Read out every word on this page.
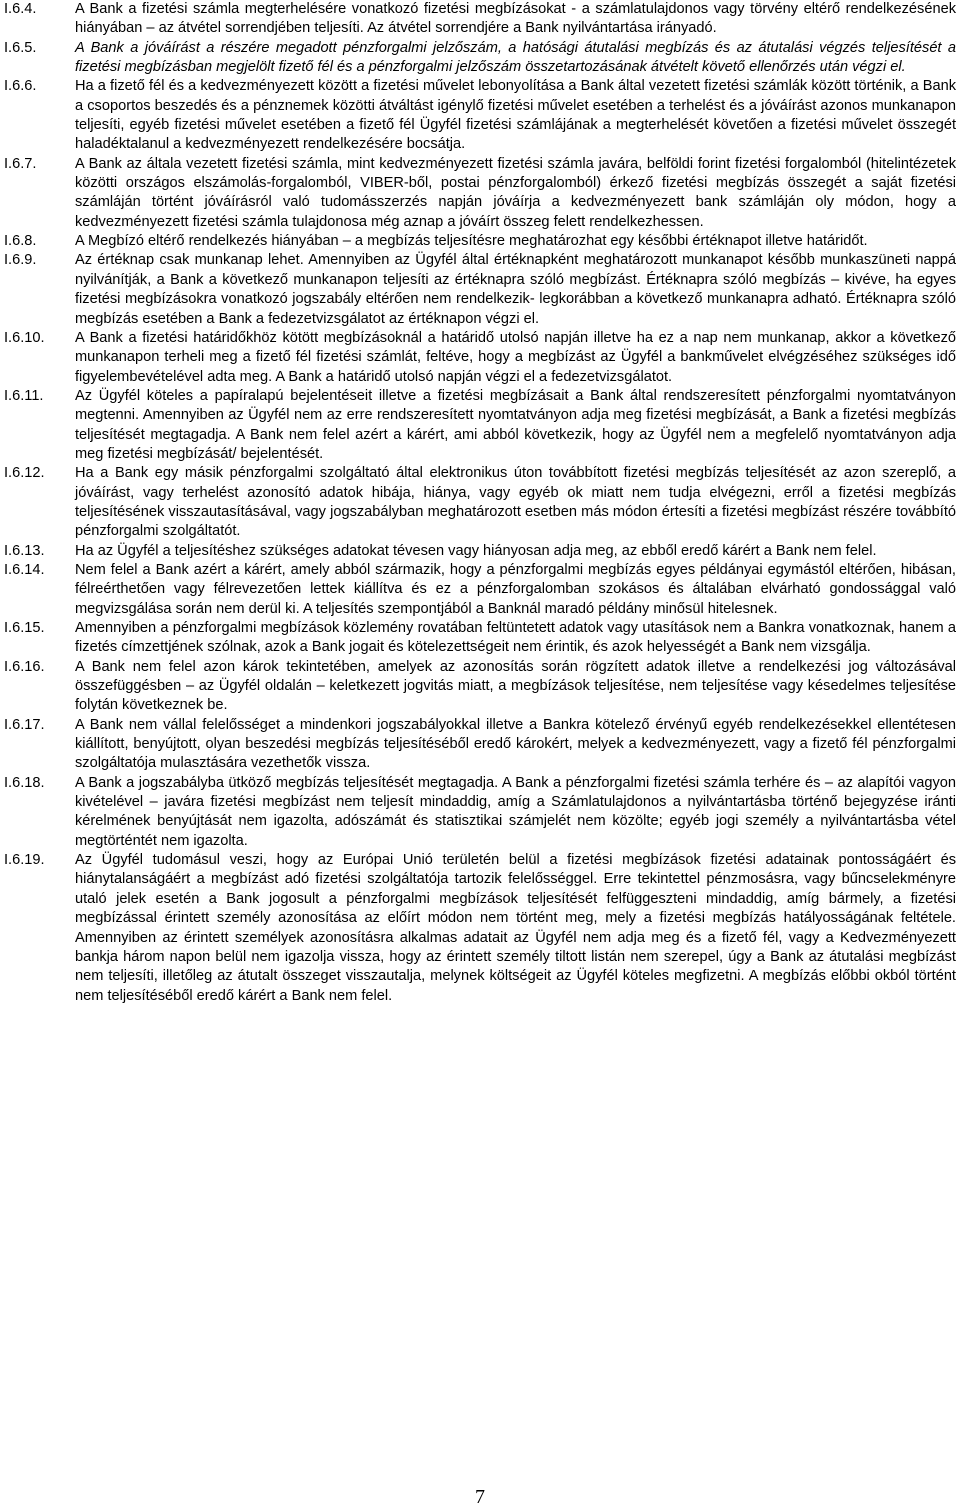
I.6.4.	A Bank a fizetési számla megterhelésére vonatkozó fizetési megbízásokat - a számlatulajdonos vagy törvény eltérő rendelkezésének hiányában – az átvétel sorrendjében teljesíti. Az átvétel sorrendjére a Bank nyilvántartása irányadó.
I.6.5.	A Bank a jóváírást a részére megadott pénzforgalmi jelzőszám, a hatósági átutalási megbízás és az átutalási végzés teljesítését a fizetési megbízásban megjelölt fizető fél és a pénzforgalmi jelzőszám összetartozásának átvételt követő ellenőrzés után végzi el.
I.6.6.	Ha a fizető fél és a kedvezményezett között a fizetési művelet lebonyolítása a Bank által vezetett fizetési számlák között történik, a Bank a csoportos beszedés és a pénznemek közötti átváltást igénylő fizetési művelet esetében a terhelést és a jóváírást azonos munkanapon teljesíti, egyéb fizetési művelet esetében a fizető fél Ügyfél fizetési számlájának a megterhelését követően a fizetési művelet összegét haladéktalanul a kedvezményezett rendelkezésére bocsátja.
I.6.7.	A Bank az általa vezetett fizetési számla, mint kedvezményezett fizetési számla javára, belföldi forint fizetési forgalomból (hitelintézetek közötti országos elszámolás-forgalomból, VIBER-ből, postai pénzforgalomból) érkező fizetési megbízás összegét a saját fizetési számláján történt jóváírásról való tudomásszerzés napján jóváírja a kedvezményezett bank számláján oly módon, hogy a kedvezményezett fizetési számla tulajdonosa még aznap a jóváírt összeg felett rendelkezhessen.
I.6.8.	A Megbízó eltérő rendelkezés hiányában – a megbízás teljesítésre meghatározhat egy későbbi értéknapot illetve határidőt.
I.6.9.	Az értéknap csak munkanap lehet. Amennyiben az Ügyfél által értéknapként meghatározott munkanapot később munkaszüneti nappá nyilvánítják, a Bank a következő munkanapon teljesíti az értéknapra szóló megbízást. Értéknapra szóló megbízás – kivéve, ha egyes fizetési megbízásokra vonatkozó jogszabály eltérően nem rendelkezik- legkorábban a következő munkanapra adható. Értéknapra szóló megbízás esetében a Bank a fedezetvizsgálatot az értéknapon végzi el.
I.6.10.	A Bank a fizetési határidőkhöz kötött megbízásoknál a határidő utolsó napján illetve ha ez a nap nem munkanap, akkor a következő munkanapon terheli meg a fizető fél fizetési számlát, feltéve, hogy a megbízást az Ügyfél a bankművelet elvégzéséhez szükséges idő figyelembevételével adta meg. A Bank a határidő utolsó napján végzi el a fedezetvizsgálatot.
I.6.11.	Az Ügyfél köteles a papíralapú bejelentéseit illetve a fizetési megbízásait a Bank által rendszeresített pénzforgalmi nyomtatványon megtenni. Amennyiben az Ügyfél nem az erre rendszeresített nyomtatványon adja meg fizetési megbízását, a Bank a fizetési megbízás teljesítését megtagadja. A Bank nem felel azért a kárért, ami abból következik, hogy az Ügyfél nem a megfelelő nyomtatványon adja meg fizetési megbízását/ bejelentését.
I.6.12.	Ha a Bank egy másik pénzforgalmi szolgáltató által elektronikus úton továbbított fizetési megbízás teljesítését az azon szereplő, a jóváírást, vagy terhelést azonosító adatok hibája, hiánya, vagy egyéb ok miatt nem tudja elvégezni, erről a fizetési megbízás teljesítésének visszautasításával, vagy jogszabályban meghatározott esetben más módon értesíti a fizetési megbízást részére továbbító pénzforgalmi szolgáltatót.
I.6.13.	Ha az Ügyfél a teljesítéshez szükséges adatokat tévesen vagy hiányosan adja meg, az ebből eredő kárért a Bank nem felel.
I.6.14.	Nem felel a Bank azért a kárért, amely abból származik, hogy a pénzforgalmi megbízás egyes példányai egymástól eltérően, hibásan, félreérthetően vagy félrevezetően lettek kiállítva és ez a pénzforgalomban szokásos és általában elvárható gondossággal való megvizsgálása során nem derül ki. A teljesítés szempontjából a Banknál maradó példány minősül hitelesnek.
I.6.15.	Amennyiben a pénzforgalmi megbízások közlemény rovatában feltüntetett adatok vagy utasítások nem a Bankra vonatkoznak, hanem a fizetés címzettjének szólnak, azok a Bank jogait és kötelezettségeit nem érintik, és azok helyességét a Bank nem vizsgálja.
I.6.16.	A Bank nem felel azon károk tekintetében, amelyek az azonosítás során rögzített adatok illetve a rendelkezési jog változásával összefüggésben – az Ügyfél oldalán – keletkezett jogvitás miatt, a megbízások teljesítése, nem teljesítése vagy késedelmes teljesítése folytán következnek be.
I.6.17.	A Bank nem vállal felelősséget a mindenkori jogszabályokkal illetve a Bankra kötelező érvényű egyéb rendelkezésekkel ellentétesen kiállított, benyújtott, olyan beszedési megbízás teljesítéséből eredő károkért, melyek a kedvezményezett, vagy a fizető fél pénzforgalmi szolgáltatója mulasztására vezethetők vissza.
I.6.18.	A Bank a jogszabályba ütköző megbízás teljesítését megtagadja. A Bank a pénzforgalmi fizetési számla terhére és – az alapítói vagyon kivételével – javára fizetési megbízást nem teljesít mindaddig, amíg a Számlatulajdonos a nyilvántartásba történő bejegyzése iránti kérelmének benyújtását nem igazolta, adószámát és statisztikai számjelét nem közölte; egyéb jogi személy a nyilvántartásba vétel megtörténtét nem igazolta.
I.6.19.	Az Ügyfél tudomásul veszi, hogy az Európai Unió területén belül a fizetési megbízások fizetési adatainak pontosságáért és hiánytalanságáért a megbízást adó fizetési szolgáltatója tartozik felelősséggel. Erre tekintettel pénzmosásra, vagy bűncselekményre utaló jelek esetén a Bank jogosult a pénzforgalmi megbízások teljesítését felfüggeszteni mindaddig, amíg bármely, a fizetési megbízással érintett személy azonosítása az előírt módon nem történt meg, mely a fizetési megbízás hatályosságának feltétele. Amennyiben az érintett személyek azonosításra alkalmas adatait az Ügyfél nem adja meg és a fizető fél, vagy a Kedvezményezett bankja három napon belül nem igazolja vissza, hogy az érintett személy tiltott listán nem szerepel, úgy a Bank az átutalási megbízást nem teljesíti, illetőleg az átutalt összeget visszautalja, melynek költségeit az Ügyfél köteles megfizetni. A megbízás előbbi okból történt nem teljesítéséből eredő kárért a Bank nem felel.
7
